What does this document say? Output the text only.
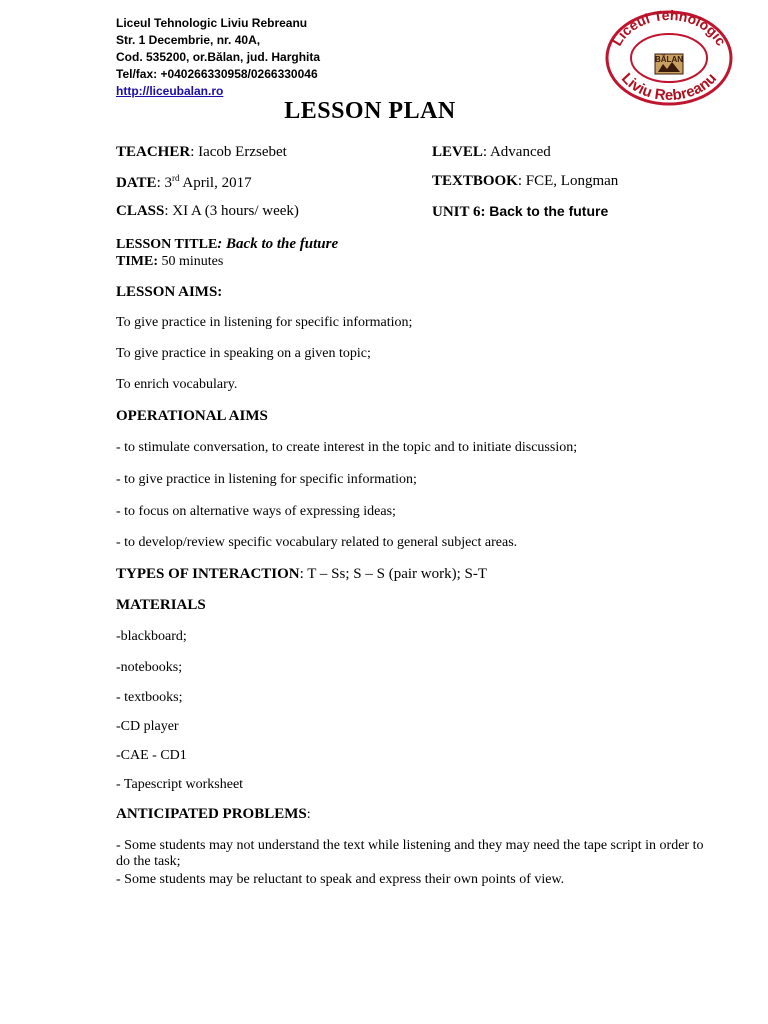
Liceul Tehnologic Liviu Rebreanu
Str. 1 Decembrie, nr. 40A,
Cod. 535200, or.Bălan, jud. Harghita
Tel/fax: +040266330958/0266330046
http://liceubalan.ro
Liceul Tehnologic
Liviu Rebreanu
BĂLAN
LESSON PLAN
TEACHER: Iacob Erzsebet	LEVEL: Advanced
DATE: 3rd April, 2017	TEXTBOOK: FCE, Longman
CLASS: XI A (3 hours/ week)	UNIT 6: Back to the future
LESSON TITLE: Back to the future
TIME: 50 minutes
LESSON AIMS:
To give practice in listening for specific information;
To give practice in speaking on a given topic;
To enrich vocabulary.
OPERATIONAL AIMS
- to stimulate conversation, to create interest in the topic and to initiate discussion;
- to give practice in listening for specific information;
- to focus on alternative ways of expressing ideas;
- to develop/review specific vocabulary related to general subject areas.
TYPES OF INTERACTION: T – Ss; S – S (pair work); S-T
MATERIALS
-blackboard;
-notebooks;
- textbooks;
-CD player
-CAE - CD1
- Tapescript worksheet
ANTICIPATED PROBLEMS:
- Some students may not understand the text while listening and they may need the tape script in order to do the task;
- Some students may be reluctant to speak and express their own points of view.
